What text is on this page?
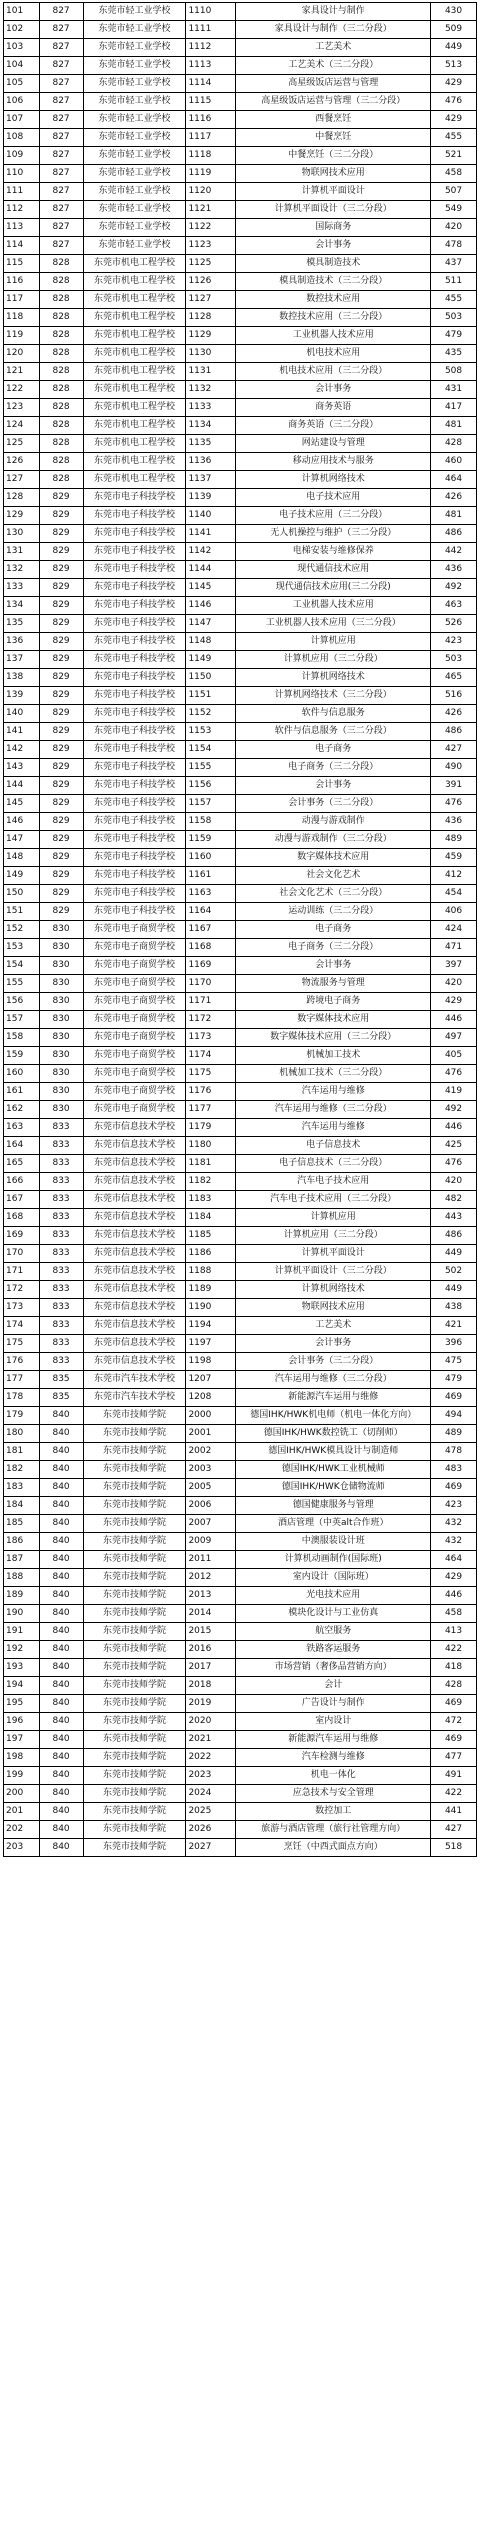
101	827	东莞市轻工业学校	1110	家具设计与制作	430
102	827	东莞市轻工业学校	1111	家具设计与制作（三二分段）	509
103	827	东莞市轻工业学校	1112	工艺美术	449
104	827	东莞市轻工业学校	1113	工艺美术（三二分段）	513
105	827	东莞市轻工业学校	1114	高星级饭店运营与管理	429
106	827	东莞市轻工业学校	1115	高星级饭店运营与管理（三二分段）	476
107	827	东莞市轻工业学校	1116	西餐烹饪	429
108	827	东莞市轻工业学校	1117	中餐烹饪	455
109	827	东莞市轻工业学校	1118	中餐烹饪（三二分段）	521
110	827	东莞市轻工业学校	1119	物联网技术应用	458
111	827	东莞市轻工业学校	1120	计算机平面设计	507
112	827	东莞市轻工业学校	1121	计算机平面设计（三二分段）	549
113	827	东莞市轻工业学校	1122	国际商务	420
114	827	东莞市轻工业学校	1123	会计事务	478
115	828	东莞市机电工程学校	1125	模具制造技术	437
116	828	东莞市机电工程学校	1126	模具制造技术（三二分段）	511
117	828	东莞市机电工程学校	1127	数控技术应用	455
118	828	东莞市机电工程学校	1128	数控技术应用（三二分段）	503
119	828	东莞市机电工程学校	1129	工业机器人技术应用	479
120	828	东莞市机电工程学校	1130	机电技术应用	435
121	828	东莞市机电工程学校	1131	机电技术应用（三二分段）	508
122	828	东莞市机电工程学校	1132	会计事务	431
123	828	东莞市机电工程学校	1133	商务英语	417
124	828	东莞市机电工程学校	1134	商务英语（三二分段）	481
125	828	东莞市机电工程学校	1135	网站建设与管理	428
126	828	东莞市机电工程学校	1136	移动应用技术与服务	460
127	828	东莞市机电工程学校	1137	计算机网络技术	464
128	829	东莞市电子科技学校	1139	电子技术应用	426
129	829	东莞市电子科技学校	1140	电子技术应用（三二分段）	481
130	829	东莞市电子科技学校	1141	无人机操控与维护（三二分段）	486
131	829	东莞市电子科技学校	1142	电梯安装与维修保养	442
132	829	东莞市电子科技学校	1144	现代通信技术应用	436
133	829	东莞市电子科技学校	1145	现代通信技术应用(三二分段)	492
134	829	东莞市电子科技学校	1146	工业机器人技术应用	463
135	829	东莞市电子科技学校	1147	工业机器人技术应用（三二分段）	526
136	829	东莞市电子科技学校	1148	计算机应用	423
137	829	东莞市电子科技学校	1149	计算机应用（三二分段）	503
138	829	东莞市电子科技学校	1150	计算机网络技术	465
139	829	东莞市电子科技学校	1151	计算机网络技术（三二分段）	516
140	829	东莞市电子科技学校	1152	软件与信息服务	426
141	829	东莞市电子科技学校	1153	软件与信息服务（三二分段）	486
142	829	东莞市电子科技学校	1154	电子商务	427
143	829	东莞市电子科技学校	1155	电子商务（三二分段）	490
144	829	东莞市电子科技学校	1156	会计事务	391
145	829	东莞市电子科技学校	1157	会计事务（三二分段）	476
146	829	东莞市电子科技学校	1158	动漫与游戏制作	436
147	829	东莞市电子科技学校	1159	动漫与游戏制作（三二分段）	489
148	829	东莞市电子科技学校	1160	数字媒体技术应用	459
149	829	东莞市电子科技学校	1161	社会文化艺术	412
150	829	东莞市电子科技学校	1163	社会文化艺术（三二分段）	454
151	829	东莞市电子科技学校	1164	运动训练（三二分段）	406
152	830	东莞市电子商贸学校	1167	电子商务	424
153	830	东莞市电子商贸学校	1168	电子商务（三二分段）	471
154	830	东莞市电子商贸学校	1169	会计事务	397
155	830	东莞市电子商贸学校	1170	物流服务与管理	420
156	830	东莞市电子商贸学校	1171	跨境电子商务	429
157	830	东莞市电子商贸学校	1172	数字媒体技术应用	446
158	830	东莞市电子商贸学校	1173	数字媒体技术应用（三二分段）	497
159	830	东莞市电子商贸学校	1174	机械加工技术	405
160	830	东莞市电子商贸学校	1175	机械加工技术（三二分段）	476
161	830	东莞市电子商贸学校	1176	汽车运用与维修	419
162	830	东莞市电子商贸学校	1177	汽车运用与维修（三二分段）	492
163	833	东莞市信息技术学校	1179	汽车运用与维修	446
164	833	东莞市信息技术学校	1180	电子信息技术	425
165	833	东莞市信息技术学校	1181	电子信息技术（三二分段）	476
166	833	东莞市信息技术学校	1182	汽车电子技术应用	420
167	833	东莞市信息技术学校	1183	汽车电子技术应用（三二分段）	482
168	833	东莞市信息技术学校	1184	计算机应用	443
169	833	东莞市信息技术学校	1185	计算机应用（三二分段）	486
170	833	东莞市信息技术学校	1186	计算机平面设计	449
171	833	东莞市信息技术学校	1188	计算机平面设计（三二分段）	502
172	833	东莞市信息技术学校	1189	计算机网络技术	449
173	833	东莞市信息技术学校	1190	物联网技术应用	438
174	833	东莞市信息技术学校	1194	工艺美术	421
175	833	东莞市信息技术学校	1197	会计事务	396
176	833	东莞市信息技术学校	1198	会计事务（三二分段）	475
177	835	东莞市汽车技术学校	1207	汽车运用与维修（三二分段）	479
178	835	东莞市汽车技术学校	1208	新能源汽车运用与维修	469
179	840	东莞市技师学院	2000	德国IHK/HWK机电师（机电一体化方向）	494
180	840	东莞市技师学院	2001	德国IHK/HWK数控铣工（切削师）	489
181	840	东莞市技师学院	2002	德国IHK/HWK模具设计与制造师	478
182	840	东莞市技师学院	2003	德国IHK/HWK工业机械师	483
183	840	东莞市技师学院	2005	德国IHK/HWK仓储物流师	469
184	840	东莞市技师学院	2006	德国健康服务与管理	423
185	840	东莞市技师学院	2007	酒店管理（中英alt合作班）	432
186	840	东莞市技师学院	2009	中澳服装设计班	432
187	840	东莞市技师学院	2011	计算机动画制作(国际班)	464
188	840	东莞市技师学院	2012	室内设计（国际班）	429
189	840	东莞市技师学院	2013	光电技术应用	446
190	840	东莞市技师学院	2014	模块化设计与工业仿真	458
191	840	东莞市技师学院	2015	航空服务	413
192	840	东莞市技师学院	2016	铁路客运服务	422
193	840	东莞市技师学院	2017	市场营销（奢侈品营销方向）	418
194	840	东莞市技师学院	2018	会计	428
195	840	东莞市技师学院	2019	广告设计与制作	469
196	840	东莞市技师学院	2020	室内设计	472
197	840	东莞市技师学院	2021	新能源汽车运用与维修	469
198	840	东莞市技师学院	2022	汽车检测与维修	477
199	840	东莞市技师学院	2023	机电一体化	491
200	840	东莞市技师学院	2024	应急技术与安全管理	422
201	840	东莞市技师学院	2025	数控加工	441
202	840	东莞市技师学院	2026	旅游与酒店管理（旅行社管理方向）	427
203	840	东莞市技师学院	2027	烹饪（中西式面点方向）	518
